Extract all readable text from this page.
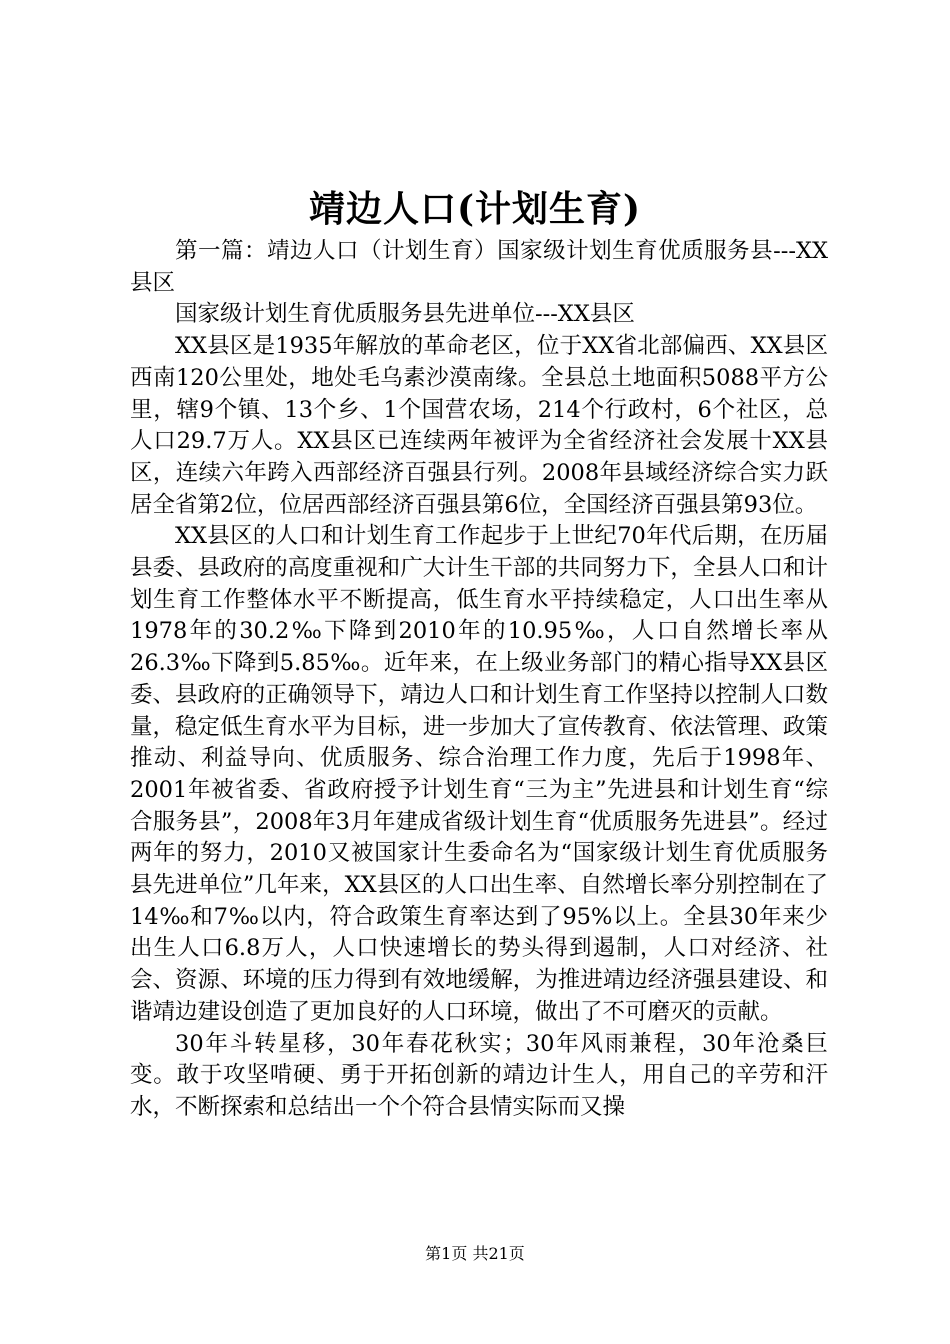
靖边人口(计划生育)

第一篇：靖边人口（计划生育）国家级计划生育优质服务县---XX县区

国家级计划生育优质服务县先进单位---XX县区

XX县区是1935年解放的革命老区，位于XX省北部偏西、XX县区西南120公里处，地处毛乌素沙漠南缘。全县总土地面积5088平方公里，辖9个镇、13个乡、1个国营农场，214个行政村，6个社区，总人口29.7万人。XX县区已连续两年被评为全省经济社会发展十XX县区，连续六年跨入西部经济百强县行列。2008年县域经济综合实力跃居全省第2位，位居西部经济百强县第6位，全国经济百强县第93位。

XX县区的人口和计划生育工作起步于上世纪70年代后期，在历届县委、县政府的高度重视和广大计生干部的共同努力下，全县人口和计划生育工作整体水平不断提高，低生育水平持续稳定，人口出生率从1978年的30.2‰下降到2010年的10.95‰，人口自然增长率从26.3‰下降到5.85‰。近年来，在上级业务部门的精心指导XX县区委、县政府的正确领导下，靖边人口和计划生育工作坚持以控制人口数量，稳定低生育水平为目标，进一步加大了宣传教育、依法管理、政策推动、利益导向、优质服务、综合治理工作力度，先后于1998年、2001年被省委、省政府授予计划生育“三为主”先进县和计划生育“综合服务县”，2008年3月年建成省级计划生育“优质服务先进县”。经过两年的努力，2010又被国家计生委命名为“国家级计划生育优质服务县先进单位”几年来，XX县区的人口出生率、自然增长率分别控制在了14‰和7‰以内，符合政策生育率达到了95%以上。全县30年来少出生人口6.8万人，人口快速增长的势头得到遏制，人口对经济、社会、资源、环境的压力得到有效地缓解，为推进靖边经济强县建设、和谐靖边建设创造了更加良好的人口环境，做出了不可磨灭的贡献。

30年斗转星移，30年春花秋实；30年风雨兼程，30年沧桑巨变。敢于攻坚啃硬、勇于开拓创新的靖边计生人，用自己的辛劳和汗水，不断探索和总结出一个个符合县情实际而又操

第1页 共21页
